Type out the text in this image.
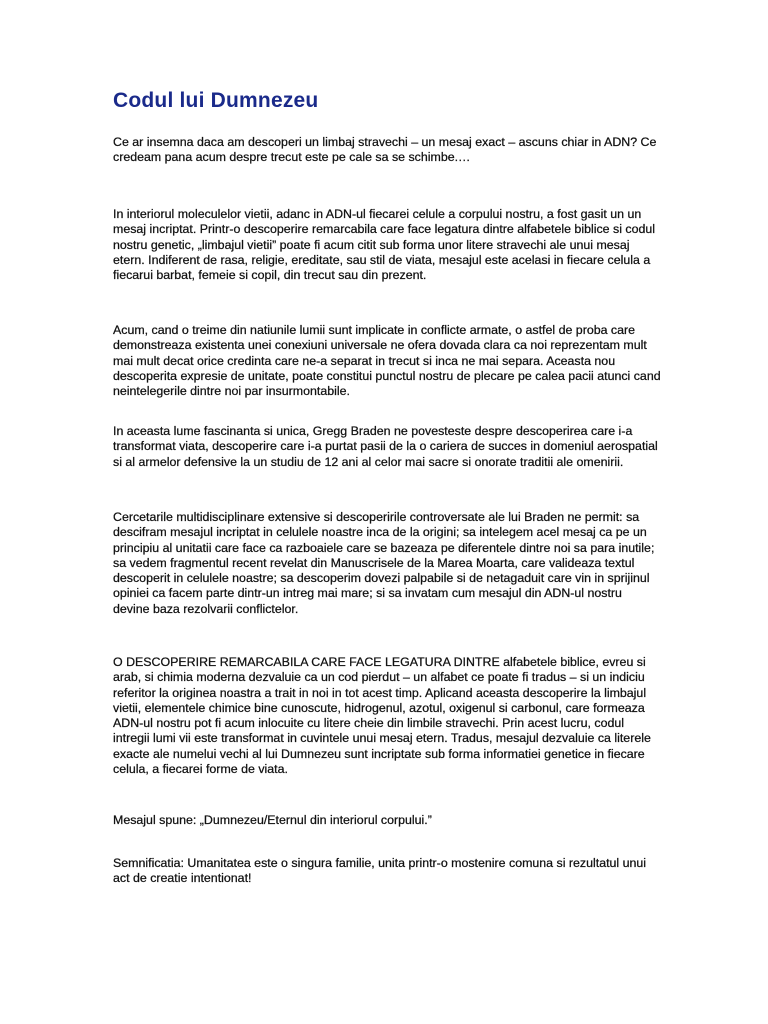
Codul lui Dumnezeu

Ce ar insemna daca am descoperi un limbaj stravechi – un mesaj exact – ascuns chiar in ADN? Ce credeam pana acum despre trecut este pe cale sa se schimbe.…

In interiorul moleculelor vietii, adanc in ADN-ul fiecarei celule a corpului nostru, a fost gasit un un mesaj incriptat. Printr-o descoperire remarcabila care face legatura dintre alfabetele biblice si codul nostru genetic, „limbajul vietii” poate fi acum citit sub forma unor litere stravechi ale unui mesaj etern. Indiferent de rasa, religie, ereditate, sau stil de viata, mesajul este acelasi in fiecare celula a fiecarui barbat, femeie si copil, din trecut sau din prezent.

Acum, cand o treime din natiunile lumii sunt implicate in conflicte armate, o astfel de proba care demonstreaza existenta unei conexiuni universale ne ofera dovada clara ca noi reprezentam mult mai mult decat orice credinta care ne-a separat in trecut si inca ne mai separa. Aceasta nou descoperita expresie de unitate, poate constitui punctul nostru de plecare pe calea pacii atunci cand neintelegerile dintre noi par insurmontabile.

In aceasta lume fascinanta si unica, Gregg Braden ne povesteste despre descoperirea care i-a transformat viata, descoperire care i-a purtat pasii de la o cariera de succes in domeniul aerospatial si al armelor defensive la un studiu de 12 ani al celor mai sacre si onorate traditii ale omenirii.

Cercetarile multidisciplinare extensive si descoperirile controversate ale lui Braden ne permit: sa descifram mesajul incriptat in celulele noastre inca de la origini; sa intelegem acel mesaj ca pe un principiu al unitatii care face ca razboaiele care se bazeaza pe diferentele dintre noi sa para inutile; sa vedem fragmentul recent revelat din Manuscrisele de la Marea Moarta, care valideaza textul descoperit in celulele noastre; sa descoperim dovezi palpabile si de netagaduit care vin in sprijinul opiniei ca facem parte dintr-un intreg mai mare; si sa invatam cum mesajul din ADN-ul nostru devine baza rezolvarii conflictelor.

O DESCOPERIRE REMARCABILA CARE FACE LEGATURA DINTRE alfabetele biblice, evreu si arab, si chimia moderna dezvaluie ca un cod pierdut – un alfabet ce poate fi tradus – si un indiciu referitor la originea noastra a trait in noi in tot acest timp. Aplicand aceasta descoperire la limbajul vietii, elementele chimice bine cunoscute, hidrogenul, azotul, oxigenul si carbonul, care formeaza ADN-ul nostru pot fi acum inlocuite cu litere cheie din limbile stravechi. Prin acest lucru, codul intregii lumi vii este transformat in cuvintele unui mesaj etern. Tradus, mesajul dezvaluie ca literele exacte ale numelui vechi al lui Dumnezeu sunt incriptate sub forma informatiei genetice in fiecare celula, a fiecarei forme de viata.

Mesajul spune: „Dumnezeu/Eternul din interiorul corpului.”

Semnificatia: Umanitatea este o singura familie, unita printr-o mostenire comuna si rezultatul unui act de creatie intentionat!
